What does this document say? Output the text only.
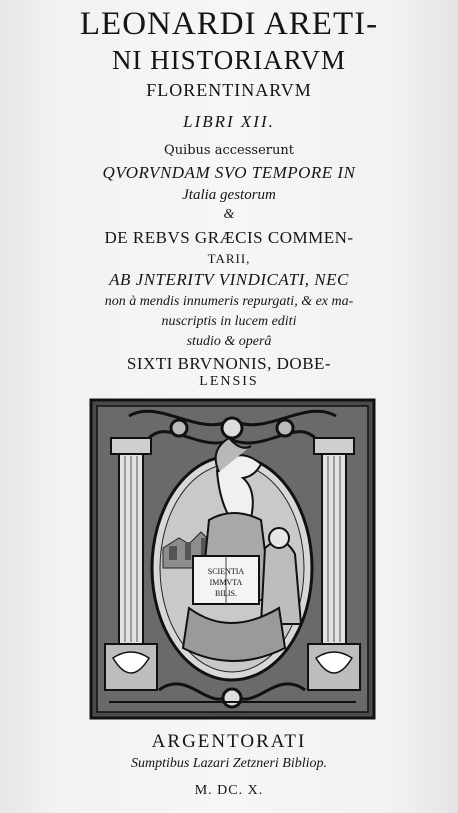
LEONARDI ARETI-
NI HISTORIARVM
FLORENTINARVM
LIBRI XII.
Quibus accesserunt
QVORVNDAM SVO TEMPORE IN
Jtalia gestorum
&
DE REBVS GRÆCIS COMMEN-
TARII,
AB JNTERITV VINDICATI, NEC
non à mendis innumeris repurgati, & ex ma-
nuscriptis in lucem editi
studio & operâ
SIXTI BRVNONIS, DOBE-
LENSIS
SCIENTIA
IMMVTA
BILIS.
ARGENTORATI
Sumptibus Lazari Zetzneri Bibliop.
M. DC. X.
